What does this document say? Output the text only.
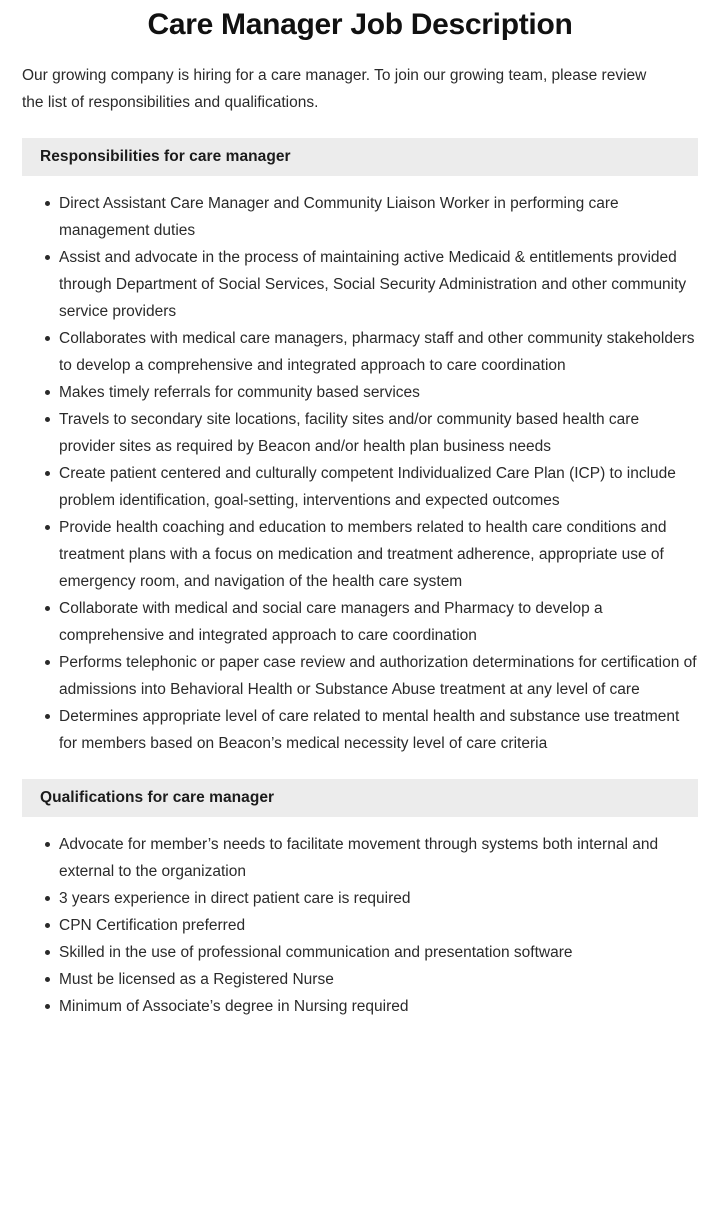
Care Manager Job Description

Our growing company is hiring for a care manager. To join our growing team, please review the list of responsibilities and qualifications.

Responsibilities for care manager
Direct Assistant Care Manager and Community Liaison Worker in performing care management duties
Assist and advocate in the process of maintaining active Medicaid & entitlements provided through Department of Social Services, Social Security Administration and other community service providers
Collaborates with medical care managers, pharmacy staff and other community stakeholders to develop a comprehensive and integrated approach to care coordination
Makes timely referrals for community based services
Travels to secondary site locations, facility sites and/or community based health care provider sites as required by Beacon and/or health plan business needs
Create patient centered and culturally competent Individualized Care Plan (ICP) to include problem identification, goal-setting, interventions and expected outcomes
Provide health coaching and education to members related to health care conditions and treatment plans with a focus on medication and treatment adherence, appropriate use of emergency room, and navigation of the health care system
Collaborate with medical and social care managers and Pharmacy to develop a comprehensive and integrated approach to care coordination
Performs telephonic or paper case review and authorization determinations for certification of admissions into Behavioral Health or Substance Abuse treatment at any level of care
Determines appropriate level of care related to mental health and substance use treatment for members based on Beacon’s medical necessity level of care criteria
Qualifications for care manager
Advocate for member’s needs to facilitate movement through systems both internal and external to the organization
3 years experience in direct patient care is required
CPN Certification preferred
Skilled in the use of professional communication and presentation software
Must be licensed as a Registered Nurse
Minimum of Associate’s degree in Nursing required
